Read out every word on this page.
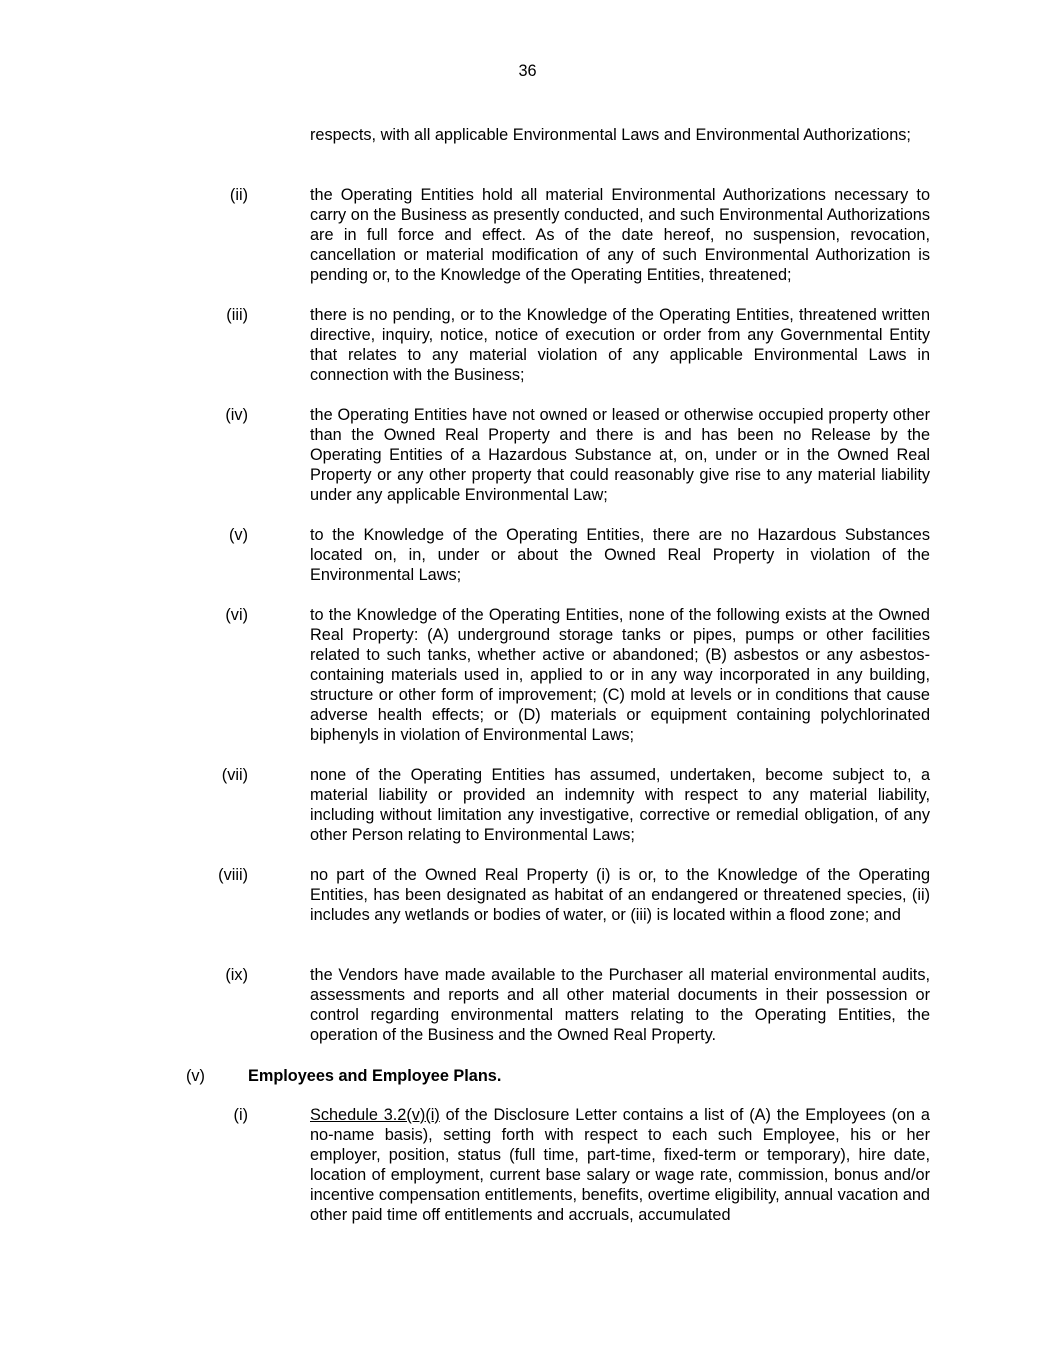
36
respects, with all applicable Environmental Laws and Environmental Authorizations;
(ii)	the Operating Entities hold all material Environmental Authorizations necessary to carry on the Business as presently conducted, and such Environmental Authorizations are in full force and effect. As of the date hereof, no suspension, revocation, cancellation or material modification of any of such Environmental Authorization is pending or, to the Knowledge of the Operating Entities, threatened;
(iii)	there is no pending, or to the Knowledge of the Operating Entities, threatened written directive, inquiry, notice, notice of execution or order from any Governmental Entity that relates to any material violation of any applicable Environmental Laws in connection with the Business;
(iv)	the Operating Entities have not owned or leased or otherwise occupied property other than the Owned Real Property and there is and has been no Release by the Operating Entities of a Hazardous Substance at, on, under or in the Owned Real Property or any other property that could reasonably give rise to any material liability under any applicable Environmental Law;
(v)	to the Knowledge of the Operating Entities, there are no Hazardous Substances located on, in, under or about the Owned Real Property in violation of the Environmental Laws;
(vi)	to the Knowledge of the Operating Entities, none of the following exists at the Owned Real Property: (A) underground storage tanks or pipes, pumps or other facilities related to such tanks, whether active or abandoned; (B) asbestos or any asbestos-containing materials used in, applied to or in any way incorporated in any building, structure or other form of improvement; (C) mold at levels or in conditions that cause adverse health effects; or (D) materials or equipment containing polychlorinated biphenyls in violation of Environmental Laws;
(vii)	none of the Operating Entities has assumed, undertaken, become subject to, a material liability or provided an indemnity with respect to any material liability, including without limitation any investigative, corrective or remedial obligation, of any other Person relating to Environmental Laws;
(viii)	no part of the Owned Real Property (i) is or, to the Knowledge of the Operating Entities, has been designated as habitat of an endangered or threatened species, (ii) includes any wetlands or bodies of water, or (iii) is located within a flood zone; and
(ix)	the Vendors have made available to the Purchaser all material environmental audits, assessments and reports and all other material documents in their possession or control regarding environmental matters relating to the Operating Entities, the operation of the Business and the Owned Real Property.
(v)	Employees and Employee Plans.
(i)	Schedule 3.2(v)(i) of the Disclosure Letter contains a list of (A) the Employees (on a no-name basis), setting forth with respect to each such Employee, his or her employer, position, status (full time, part-time, fixed-term or temporary), hire date, location of employment, current base salary or wage rate, commission, bonus and/or incentive compensation entitlements, benefits, overtime eligibility, annual vacation and other paid time off entitlements and accruals, accumulated
